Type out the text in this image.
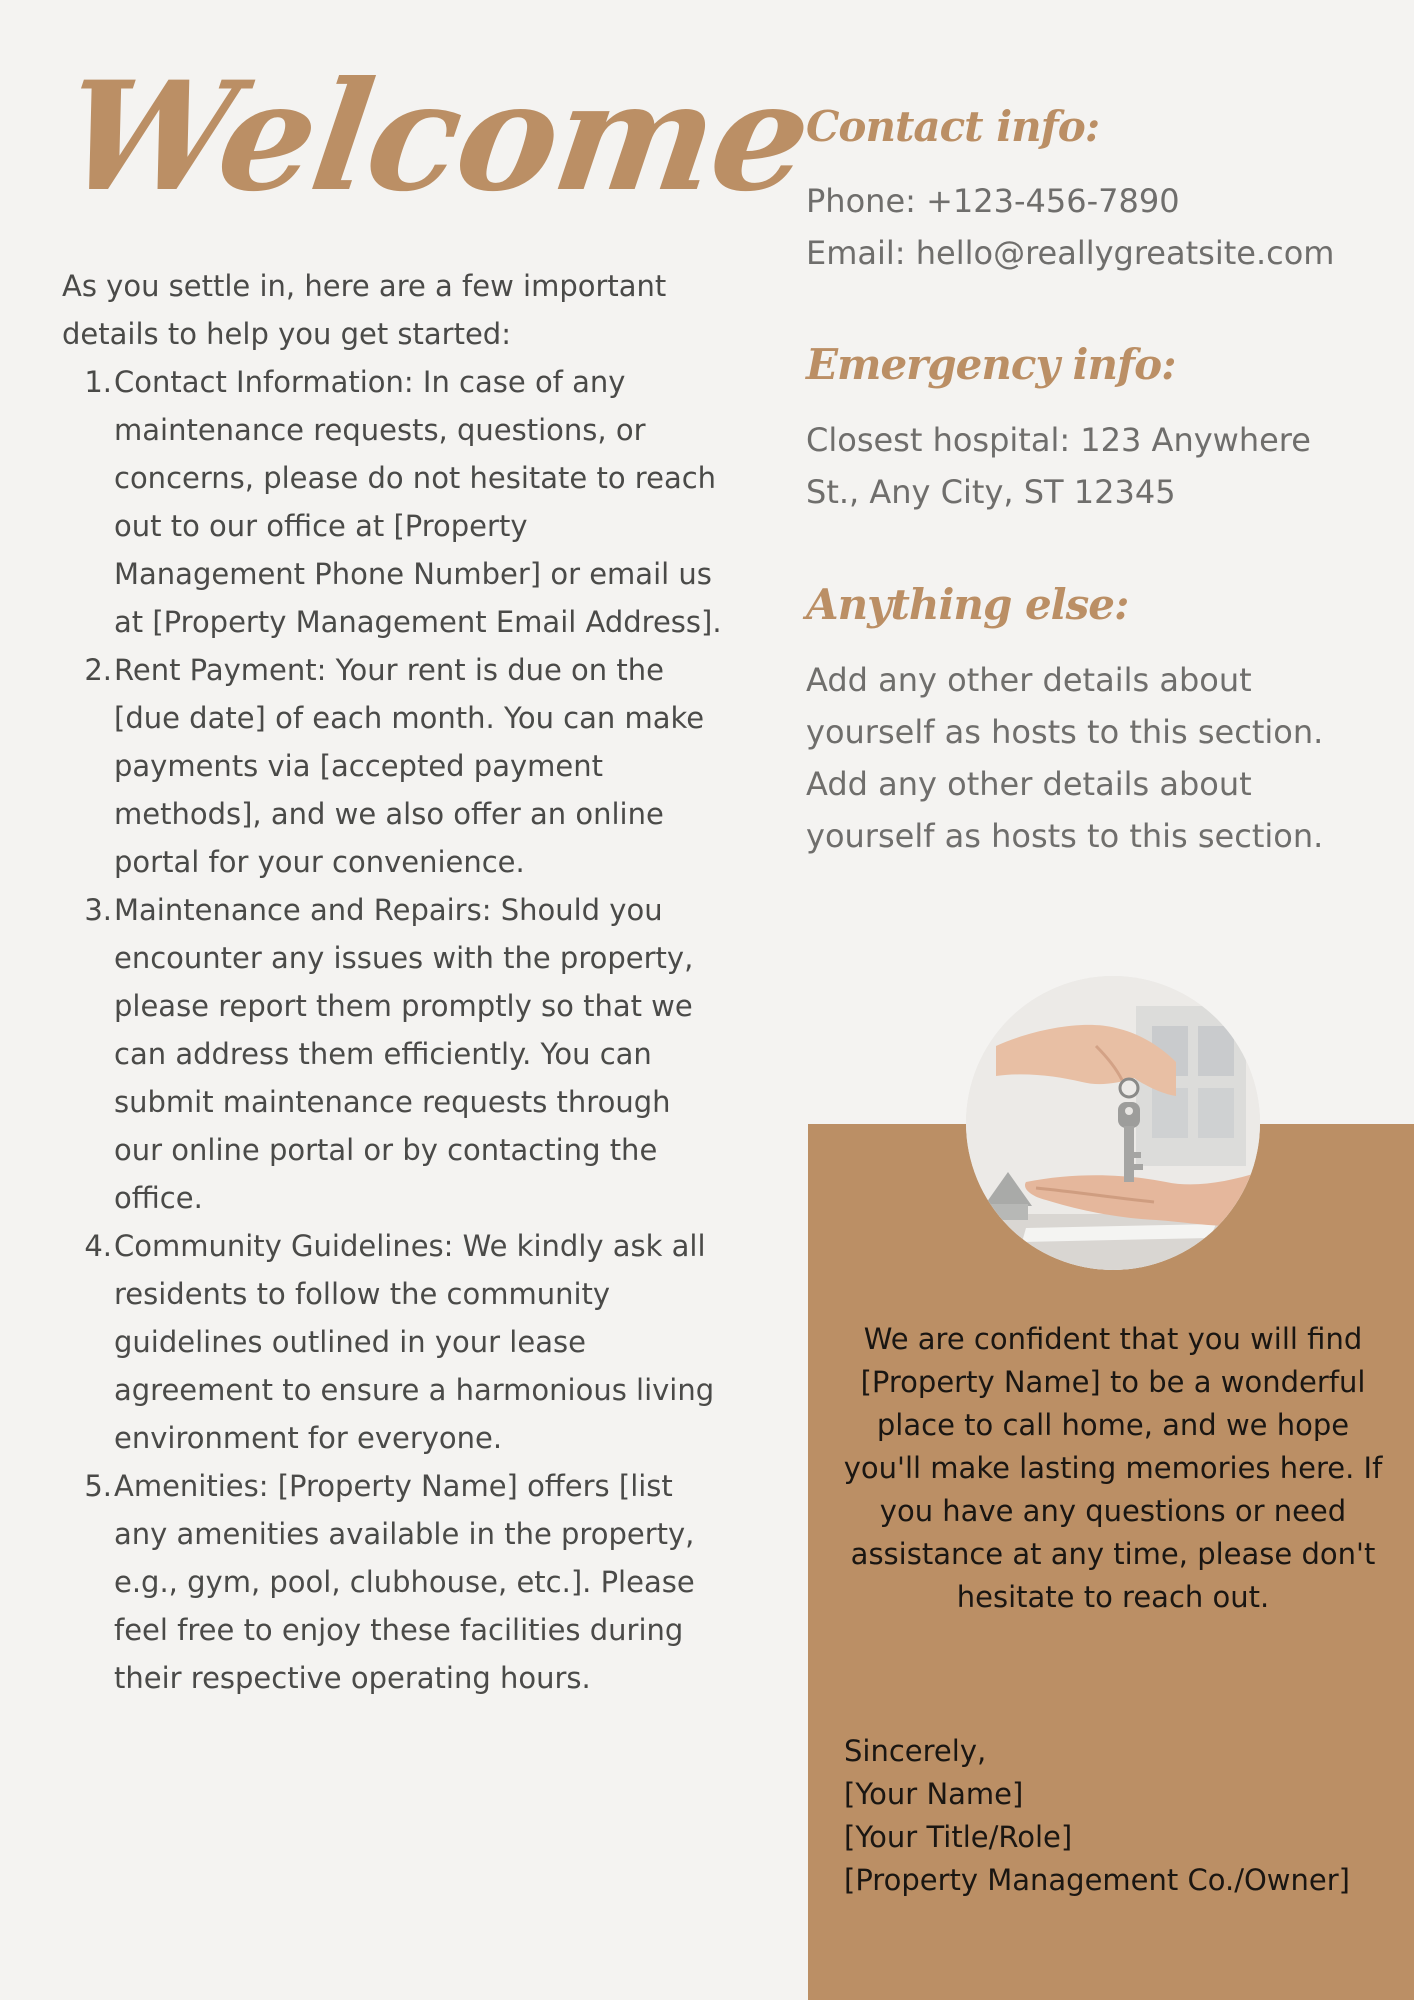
Welcome

As you settle in, here are a few important details to help you get started:

1. Contact Information: In case of any maintenance requests, questions, or concerns, please do not hesitate to reach out to our office at [Property Management Phone Number] or email us at [Property Management Email Address].
2. Rent Payment: Your rent is due on the [due date] of each month. You can make payments via [accepted payment methods], and we also offer an online portal for your convenience.
3. Maintenance and Repairs: Should you encounter any issues with the property, please report them promptly so that we can address them efficiently. You can submit maintenance requests through our online portal or by contacting the office.
4. Community Guidelines: We kindly ask all residents to follow the community guidelines outlined in your lease agreement to ensure a harmonious living environment for everyone.
5. Amenities: [Property Name] offers [list any amenities available in the property, e.g., gym, pool, clubhouse, etc.]. Please feel free to enjoy these facilities during their respective operating hours.
Contact info:

Phone: +123-456-7890

Email: hello@reallygreatsite.com

Emergency info:

Closest hospital: 123 Anywhere St., Any City, ST 12345

Anything else:

Add any other details about yourself as hosts to this section. Add any other details about yourself as hosts to this section.

We are confident that you will find [Property Name] to be a wonderful place to call home, and we hope you'll make lasting memories here. If you have any questions or need assistance at any time, please don't hesitate to reach out.

Sincerely,
[Your Name]
[Your Title/Role]
[Property Management Co./Owner]
